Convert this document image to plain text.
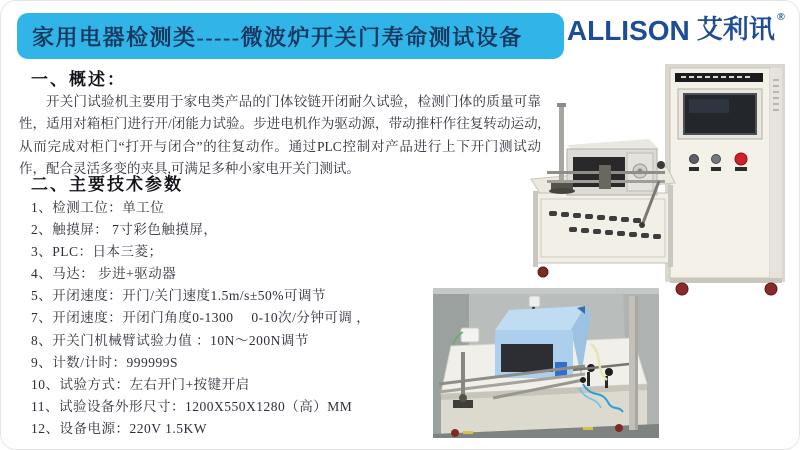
家用电器检测类-----微波炉开关门寿命测试设备 ALLISON 艾利讯 ®
一、概述：
开关门试验机主要用于家电类产品的门体铰链开闭耐久试验，检测门体的质量可靠性，适用对箱柜门进行开/闭能力试验。步进电机作为驱动源，带动推杆作往复转动运动,从而完成对柜门“打开与闭合”的往复动作。通过PLC控制对产品进行上下开门测试动作，配合灵活多变的夹具,可满足多种小家电开关门测试。
二、主要技术参数
1、检测工位：单工位
2、触摸屏： 7寸彩色触摸屏，
3、PLC：日本三菱；
4、马达： 步进+驱动器
5、开闭速度：开门/关门速度1.5m/s±50%可调节
7、开闭速度：开闭门角度0-1300　 0-10次/分钟可调 ，
8、开关门机械臂试验力值 ：10N～200N调节
9、计数/计时：999999S
10、试验方式：左右开门+按键开启
11、试验设备外形尺寸：1200X550X1280（高）MM
12、设备电源：220V 1.5KW
